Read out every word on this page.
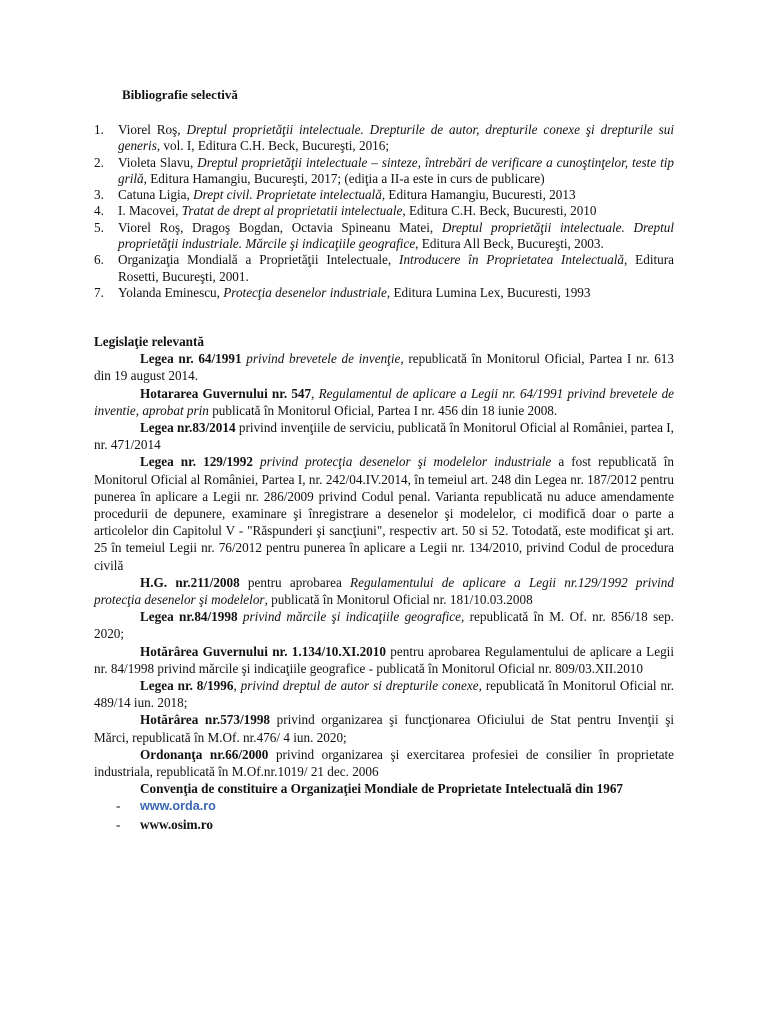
Bibliografie selectivă
1. Viorel Roş, Dreptul proprietăţii intelectuale. Drepturile de autor, drepturile conexe şi drepturile sui generis, vol. I, Editura C.H. Beck, Bucureşti, 2016;
2. Violeta Slavu, Dreptul proprietăţii intelectuale – sinteze, întrebări de verificare a cunoştinţelor, teste tip grilă, Editura Hamangiu, Bucureşti, 2017; (ediţia a II-a este in curs de publicare)
3. Catuna Ligia, Drept civil. Proprietate intelectuală, Editura Hamangiu, Bucuresti, 2013
4. I. Macovei, Tratat de drept al proprietatii intelectuale, Editura C.H. Beck, Bucuresti, 2010
5. Viorel Roş, Dragoş Bogdan, Octavia Spineanu Matei, Dreptul proprietăţii intelectuale. Dreptul proprietăţii industriale. Mărcile şi indicaţiile geografice, Editura All Beck, Bucureşti, 2003.
6. Organizaţia Mondială a Proprietăţii Intelectuale, Introducere în Proprietatea Intelectuală, Editura Rosetti, Bucureşti, 2001.
7. Yolanda Eminescu, Protecţia desenelor industriale, Editura Lumina Lex, Bucuresti, 1993
Legislaţie relevantă

Legea nr. 64/1991 privind brevetele de invenţie, republicată în Monitorul Oficial, Partea I nr. 613 din 19 august 2014.

Hotararea Guvernului nr. 547, Regulamentul de aplicare a Legii nr. 64/1991 privind brevetele de inventie, aprobat prin publicată în Monitorul Oficial, Partea I nr. 456 din 18 iunie 2008.

Legea nr.83/2014 privind invenţiile de serviciu, publicată în Monitorul Oficial al României, partea I, nr. 471/2014

Legea nr. 129/1992 privind protecţia desenelor şi modelelor industriale a fost republicată în Monitorul Oficial al României, Partea I, nr. 242/04.IV.2014, în temeiul art. 248 din Legea nr. 187/2012 pentru punerea în aplicare a Legii nr. 286/2009 privind Codul penal. Varianta republicată nu aduce amendamente procedurii de depunere, examinare şi înregistrare a desenelor şi modelelor, ci modifică doar o parte a articolelor din Capitolul V - "Răspunderi şi sancţiuni", respectiv art. 50 si 52. Totodată, este modificat şi art. 25 în temeiul Legii nr. 76/2012 pentru punerea în aplicare a Legii nr. 134/2010, privind Codul de procedura civilă

H.G. nr.211/2008 pentru aprobarea Regulamentului de aplicare a Legii nr.129/1992 privind protecţia desenelor şi modelelor, publicată în Monitorul Oficial nr. 181/10.03.2008

Legea nr.84/1998 privind mărcile şi indicaţiile geografice, republicată în M. Of. nr. 856/18 sep. 2020;

Hotărârea Guvernului nr. 1.134/10.XI.2010 pentru aprobarea Regulamentului de aplicare a Legii nr. 84/1998 privind mărcile şi indicaţiile geografice - publicată în Monitorul Oficial nr. 809/03.XII.2010

Legea nr. 8/1996, privind dreptul de autor si drepturile conexe, republicată în Monitorul Oficial nr. 489/14 iun. 2018;

Hotărârea nr.573/1998 privind organizarea şi funcţionarea Oficiului de Stat pentru Invenţii şi Mărci, republicată în M.Of. nr.476/ 4 iun. 2020;

Ordonanţa nr.66/2000 privind organizarea şi exercitarea profesiei de consilier în proprietate industriala, republicată în M.Of.nr.1019/ 21 dec. 2006

Convenţia de constituire a Organizaţiei Mondiale de Proprietate Intelectuală din 1967

- www.orda.ro
- www.osim.ro
